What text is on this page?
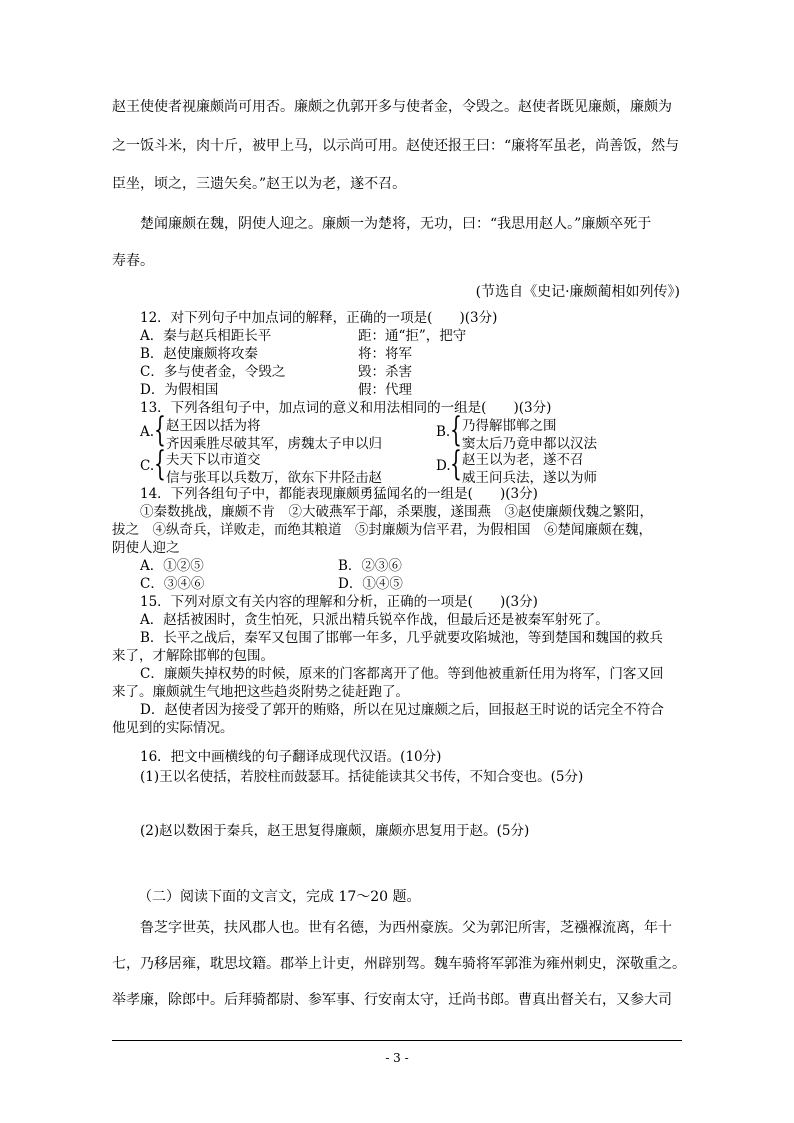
赵王使使者视廉颇尚可用否。廉颇之仇郭开多与使者金，令毁之。赵使者既见廉颇，廉颇为
之一饭斗米，肉十斤，被甲上马，以示尚可用。赵使还报王曰：“廉将军虽老，尚善饭，然与
臣坐，顷之，三遗矢矣。”赵王以为老，遂不召。
楚闻廉颇在魏，阴使人迎之。廉颇一为楚将，无功，曰：“我思用赵人。”廉颇卒死于
寿春。
(节选自《史记·廉颇蔺相如列传》)
12．对下列句子中加点词的解释，正确的一项是(　　)(3分)
A．秦与赵兵相距长平	距：通“拒”，把守
B．赵使廉颇将攻秦	将：将军
C．多与使者金，令毁之	毁：杀害
D．为假相国	假：代理
13．下列各组句子中，加点词的意义和用法相同的一组是(　　)(3分)
A. { 赵王因以括为将
齐因乘胜尽破其军，虏魏太子申以归
B. { 乃得解邯郸之围
窦太后乃竟申都以汉法
C. { 夫天下以市道交
信与张耳以兵数万，欲东下井陉击赵
D. { 赵王以为老，遂不召
威王问兵法，遂以为师
14．下列各组句子中，都能表现廉颇勇猛闻名的一组是(　　)(3分)
①秦数挑战，廉颇不肯　②大破燕军于鄗，杀栗腹，遂围燕　③赵使廉颇伐魏之繁阳，
拔之　④纵奇兵，详败走，而绝其粮道　⑤封廉颇为信平君，为假相国　⑥楚闻廉颇在魏，
阴使人迎之
A．①②⑤	B．②③⑥
C．③④⑥	D．①④⑤
15．下列对原文有关内容的理解和分析，正确的一项是(　　)(3分)
A．赵括被困时，贪生怕死，只派出精兵锐卒作战，但最后还是被秦军射死了。
B．长平之战后，秦军又包围了邯郸一年多，几乎就要攻陷城池，等到楚国和魏国的救兵
来了，才解除邯郸的包围。
C．廉颇失掉权势的时候，原来的门客都离开了他。等到他被重新任用为将军，门客又回
来了。廉颇就生气地把这些趋炎附势之徒赶跑了。
D．赵使者因为接受了郭开的贿赂，所以在见过廉颇之后，回报赵王时说的话完全不符合
他见到的实际情况。
16．把文中画横线的句子翻译成现代汉语。(10分)
(1)王以名使括，若胶柱而鼓瑟耳。括徒能读其父书传，不知合变也。(5分)
(2)赵以数困于秦兵，赵王思复得廉颇，廉颇亦思复用于赵。(5分)
（二）阅读下面的文言文，完成 17～20 题。
鲁芝字世英，扶风郡人也。世有名德，为西州豪族。父为郭汜所害，芝襁褓流离，年十
七，乃移居雍，耽思坟籍。郡举上计吏，州辟别驾。魏车骑将军郭淮为雍州刺史，深敬重之。
举孝廉，除郎中。后拜骑都尉、参军事、行安南太守，迁尚书郎。曹真出督关右，又参大司
- 3 -
